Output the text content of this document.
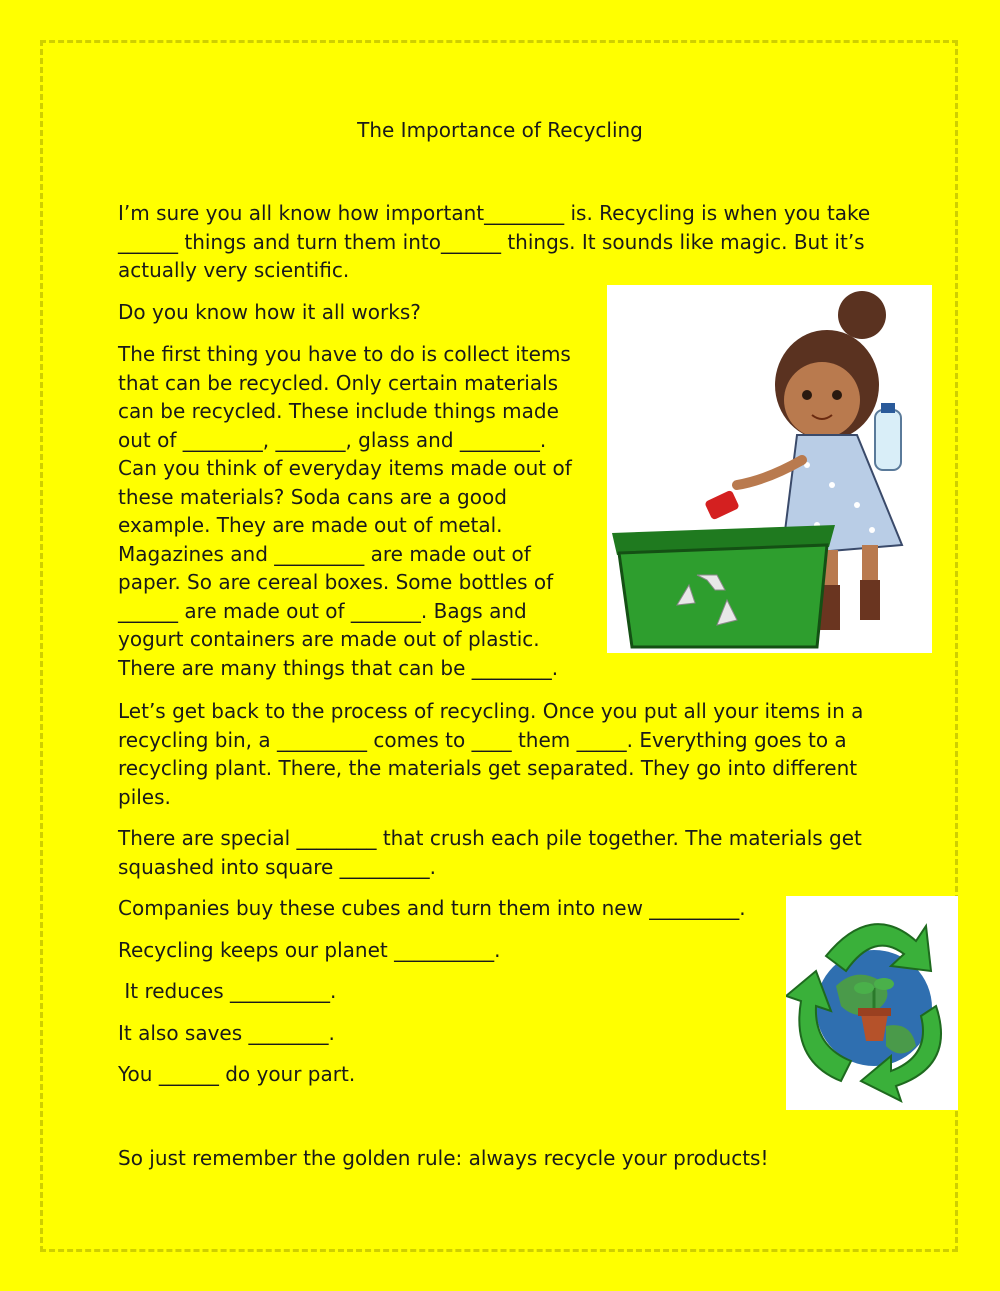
The Importance of Recycling

I’m sure you all know how important________ is. Recycling is when you take ______ things and turn them into______ things. It sounds like magic. But it’s actually very scientific.

Do you know how it all works?

The first thing you have to do is collect items that can be recycled. Only certain materials can be recycled. These include things made out of ________, _______, glass and ________. Can you think of everyday items made out of these materials? Soda cans are a good example. They are made out of metal. Magazines and _________ are made out of paper. So are cereal boxes. Some bottles of ______ are made out of _______. Bags and yogurt containers are made out of plastic. There are many things that can be ________.

Let’s get back to the process of recycling. Once you put all your items in a recycling bin, a _________ comes to ____ them _____. Everything goes to a recycling plant. There, the materials get separated. They go into different piles.

There are special ________ that crush each pile together. The materials get squashed into square _________.

Companies buy these cubes and turn them into new _________.

Recycling keeps our planet __________.

It reduces __________.

It also saves ________.

You ______ do your part.

So just remember the golden rule: always recycle your products!
